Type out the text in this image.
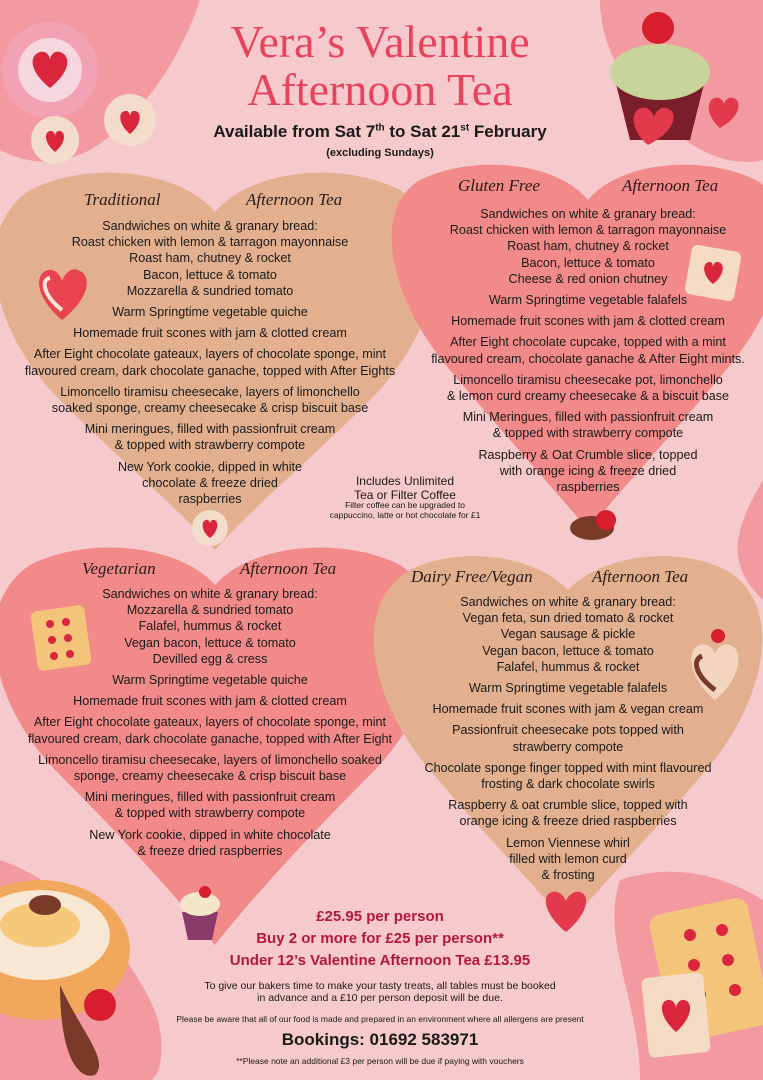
Vera’s Valentine
Afternoon Tea
Available from Sat 7th to Sat 21st February
(excluding Sundays)
Traditional	Afternoon Tea
Gluten Free	Afternoon Tea
Vegetarian	Afternoon Tea	Dairy Free/Vegan	Afternoon Tea

Sandwiches on white & granary bread:
Roast chicken with lemon & tarragon mayonnaise
Roast ham, chutney & rocket
Bacon, lettuce & tomato
Mozzarella & sundried tomato

Warm Springtime vegetable quiche

Homemade fruit scones with jam & clotted cream

After Eight chocolate gateaux, layers of chocolate sponge, mint
flavoured cream, dark chocolate ganache, topped with After Eights

Limoncello tiramisu cheesecake, layers of limonchello
soaked sponge, creamy cheesecake & crisp biscuit base

Mini meringues, filled with passionfruit cream
& topped with strawberry compote

New York cookie, dipped in white
chocolate & freeze dried
raspberries

Sandwiches on white & granary bread:
Roast chicken with lemon & tarragon mayonnaise
Roast ham, chutney & rocket
Bacon, lettuce & tomato
Cheese & red onion chutney

Warm Springtime vegetable falafels

Homemade fruit scones with jam & clotted cream

After Eight chocolate cupcake, topped with a mint
flavoured cream, chocolate ganache & After Eight mints.

Limoncello tiramisu cheesecake pot, limonchello
& lemon curd creamy cheesecake & a biscuit base

Mini Meringues, filled with passionfruit cream
& topped with strawberry compote

Raspberry & Oat Crumble slice, topped
with orange icing & freeze dried
raspberries

Sandwiches on white & granary bread:
Mozzarella & sundried tomato
Falafel, hummus & rocket
Vegan bacon, lettuce & tomato
Devilled egg & cress

Warm Springtime vegetable quiche

Homemade fruit scones with jam & clotted cream

After Eight chocolate gateaux, layers of chocolate sponge, mint
flavoured cream, dark chocolate ganache, topped with After Eight

Limoncello tiramisu cheesecake, layers of limonchello soaked
sponge, creamy cheesecake & crisp biscuit base

Mini meringues, filled with passionfruit cream
& topped with strawberry compote

New York cookie, dipped in white chocolate
& freeze dried raspberries

Sandwiches on white & granary bread:
Vegan feta, sun dried tomato & rocket
Vegan sausage & pickle
Vegan bacon, lettuce & tomato
Falafel, hummus & rocket

Warm Springtime vegetable falafels

Homemade fruit scones with jam & vegan cream

Passionfruit cheesecake pots topped with
strawberry compote

Chocolate sponge finger topped with mint flavoured
frosting & dark chocolate swirls

Raspberry & oat crumble slice, topped with
orange icing & freeze dried raspberries

Lemon Viennese whirl
filled with lemon curd
& frosting

Includes Unlimited
Tea or Filter Coffee
Filter coffee can be upgraded to
cappuccino, latte or hot chocolate for £1
£25.95 per person
Buy 2 or more for £25 per person**
Under 12’s Valentine Afternoon Tea £13.95
To give our bakers time to make your tasty treats, all tables must be booked
in advance and a £10 per person deposit will be due.
Please be aware that all of our food is made and prepared in an environment where all allergens are present
Bookings: 01692 583971
**Please note an additional £3 per person will be due if paying with vouchers
